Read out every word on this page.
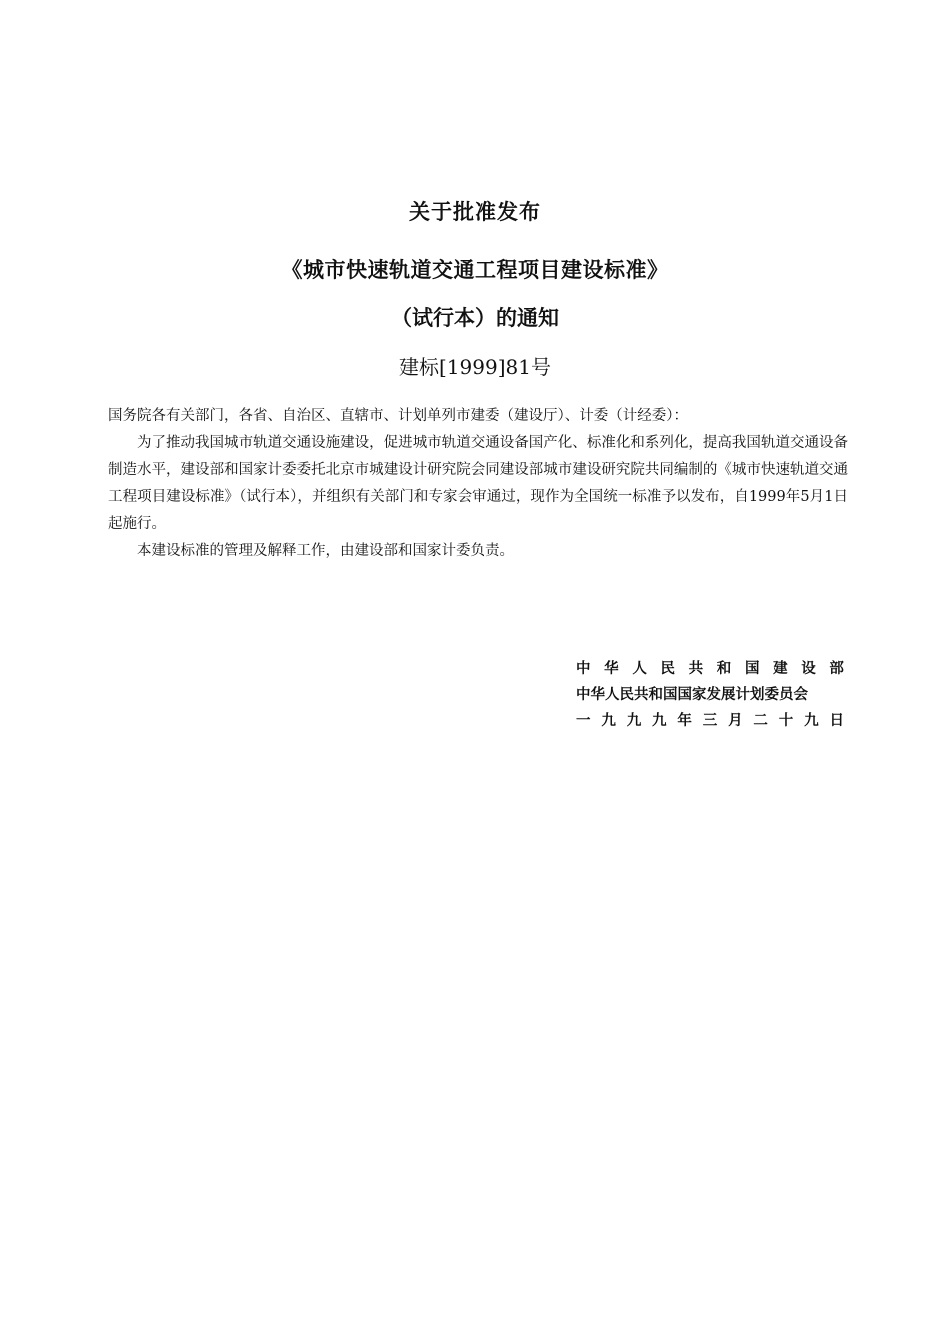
关于批准发布
《城市快速轨道交通工程项目建设标准》
（试行本）的通知
建标[1999]81号
国务院各有关部门，各省、自治区、直辖市、计划单列市建委（建设厅）、计委（计经委）：
为了推动我国城市轨道交通设施建设，促进城市轨道交通设备国产化、标准化和系列化，提高我国轨道交通设备制造水平，建设部和国家计委委托北京市城建设计研究院会同建设部城市建设研究院共同编制的《城市快速轨道交通工程项目建设标准》（试行本），并组织有关部门和专家会审通过，现作为全国统一标准予以发布，自1999年5月1日起施行。
本建设标准的管理及解释工作，由建设部和国家计委负责。
中 华 人 民 共 和 国 建 设 部
中华人民共和国国家发展计划委员会
一 九 九 九 年 三 月 二 十 九 日
